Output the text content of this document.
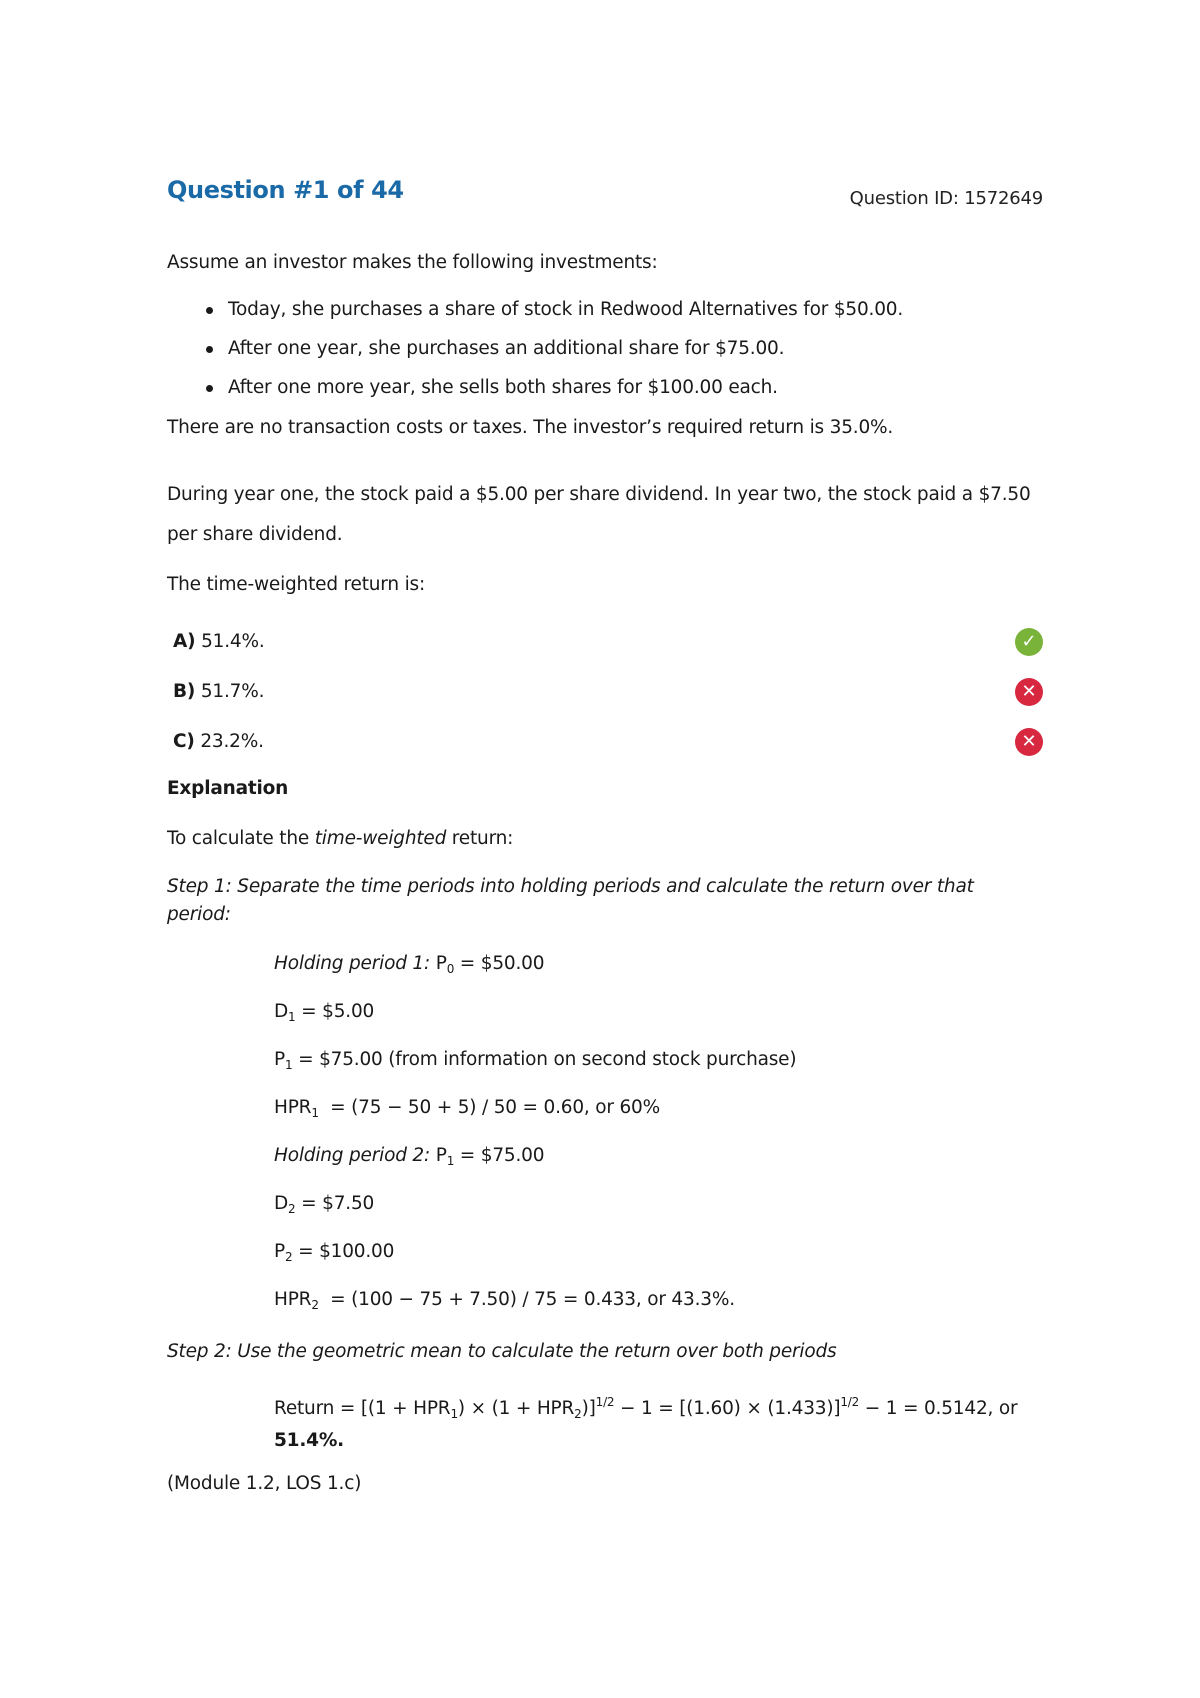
Question #1 of 44	Question ID: 1572649

Assume an investor makes the following investments:

Today, she purchases a share of stock in Redwood Alternatives for $50.00.
After one year, she purchases an additional share for $75.00.
After one more year, she sells both shares for $100.00 each.

There are no transaction costs or taxes. The investor’s required return is 35.0%.

During year one, the stock paid a $5.00 per share dividend. In year two, the stock paid a $7.50 per share dividend.

The time-weighted return is:

A) 51.4%.	✓
B) 51.7%.	✕
C) 23.2%.	✕

Explanation

To calculate the time-weighted return:

Step 1: Separate the time periods into holding periods and calculate the return over that period:

Holding period 1: $P_0$ = $50.00

$D_1$ = $5.00

$P_1$ = $75.00 (from information on second stock purchase)

$HPR_1 = (75 - 50 + 5) / 50 = 0.60$, or 60%

Holding period 2: $P_1$ = $75.00

$D_2$ = $7.50

$P_2$ = $100.00

$HPR_2 = (100 - 75 + 7.50) / 75 = 0.433$, or 43.3%.

Step 2: Use the geometric mean to calculate the return over both periods

Return = $[(1 + HPR_1) \times (1 + HPR_2)]^{1/2} - 1 = [(1.60) \times (1.433)]^{1/2} - 1 = 0.5142$, or
51.4%.

(Module 1.2, LOS 1.c)
